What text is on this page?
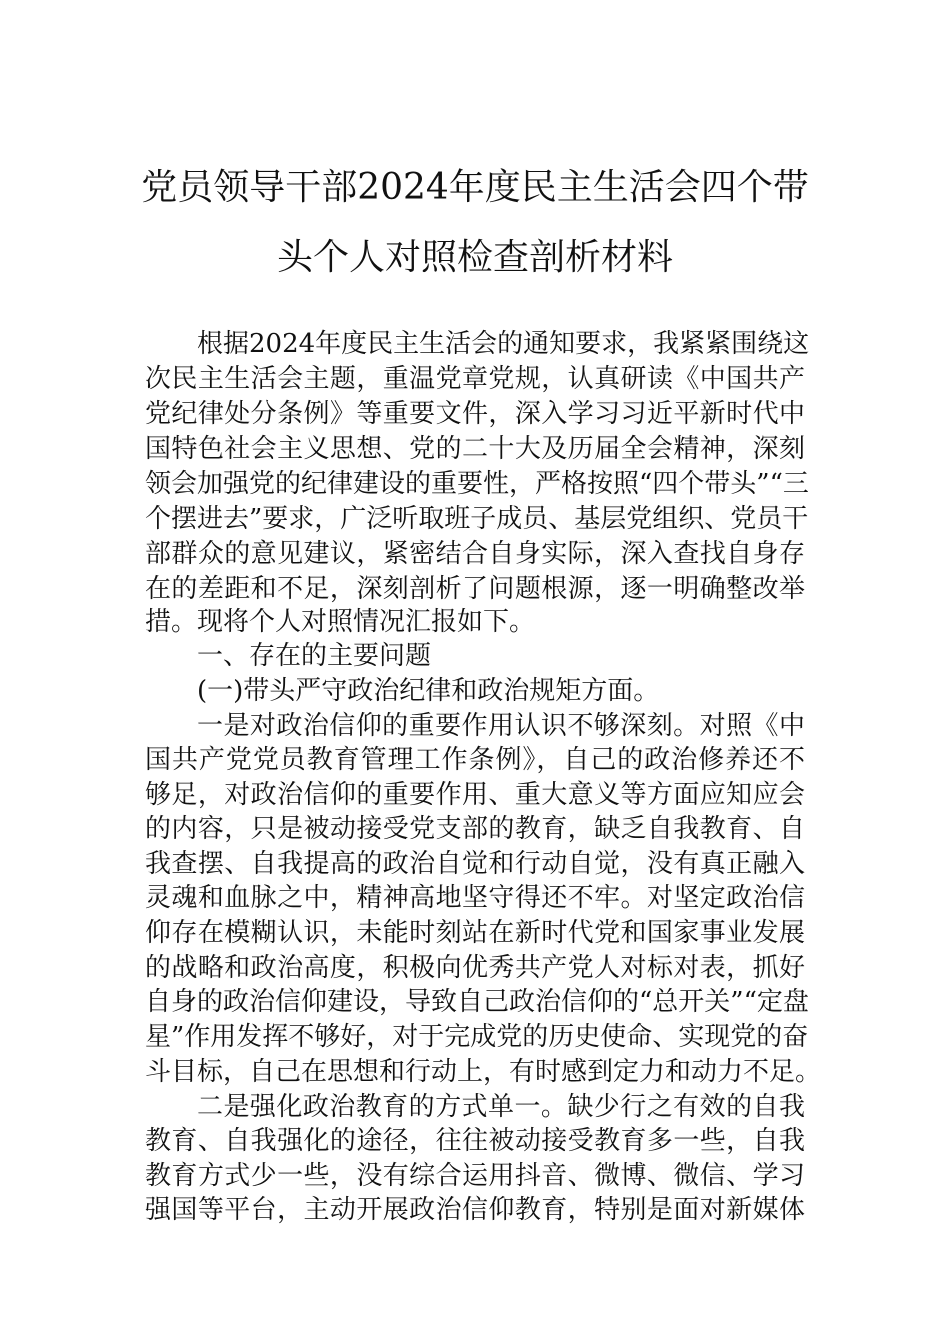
党员领导干部2024年度民主生活会四个带
头个人对照检查剖析材料
根据2024年度民主生活会的通知要求，我紧紧围绕这
次民主生活会主题，重温党章党规，认真研读《中国共产
党纪律处分条例》等重要文件，深入学习习近平新时代中
国特色社会主义思想、党的二十大及历届全会精神，深刻
领会加强党的纪律建设的重要性，严格按照“四个带头”“三
个摆进去”要求，广泛听取班子成员、基层党组织、党员干
部群众的意见建议，紧密结合自身实际，深入查找自身存
在的差距和不足，深刻剖析了问题根源，逐一明确整改举
措。现将个人对照情况汇报如下。
一、存在的主要问题
(一)带头严守政治纪律和政治规矩方面。
一是对政治信仰的重要作用认识不够深刻。对照《中
国共产党党员教育管理工作条例》，自己的政治修养还不
够足，对政治信仰的重要作用、重大意义等方面应知应会
的内容，只是被动接受党支部的教育，缺乏自我教育、自
我查摆、自我提高的政治自觉和行动自觉，没有真正融入
灵魂和血脉之中，精神高地坚守得还不牢。对坚定政治信
仰存在模糊认识，未能时刻站在新时代党和国家事业发展
的战略和政治高度，积极向优秀共产党人对标对表，抓好
自身的政治信仰建设，导致自己政治信仰的“总开关”“定盘
星”作用发挥不够好，对于完成党的历史使命、实现党的奋
斗目标，自己在思想和行动上，有时感到定力和动力不足。
二是强化政治教育的方式单一。缺少行之有效的自我
教育、自我强化的途径，往往被动接受教育多一些，自我
教育方式少一些，没有综合运用抖音、微博、微信、学习
强国等平台，主动开展政治信仰教育，特别是面对新媒体
